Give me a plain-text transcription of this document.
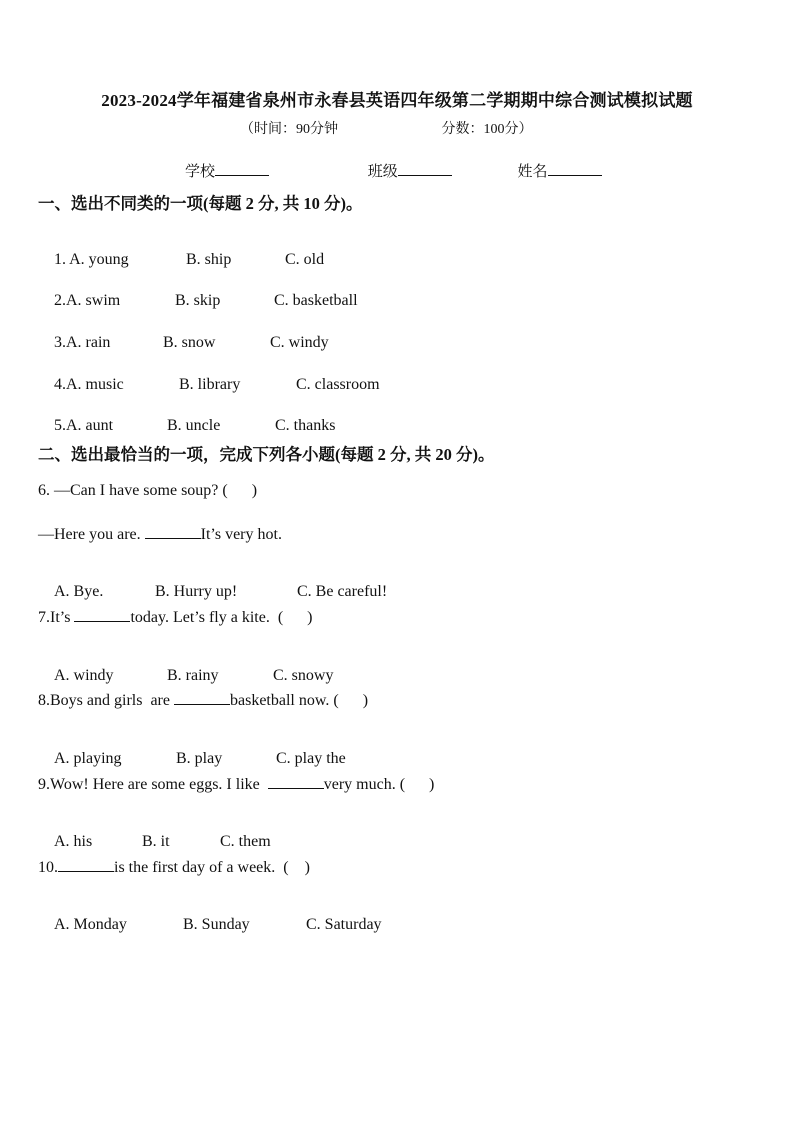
2023-2024学年福建省泉州市永春县英语四年级第二学期期中综合测试模拟试题
（时间：90分钟	分数：100分）
学校	班级	姓名
一、选出不同类的一项(每题 2 分, 共 10 分)。

1. A. young	B. ship	C. old

2.A. swim	B. skip	C. basketball

3.A. rain	B. snow	C. windy

4.A. music	B. library	C. classroom

5.A. aunt	B. uncle	C. thanks

二、选出最恰当的一项，完成下列各小题(每题 2 分, 共 20 分)。
6. —Can I have some soup? (      )
—Here you are.	It’s very hot.

A. Bye.	B. Hurry up!	C. Be careful!

7.It’s	today. Let’s fly a kite.  (      )

A. windy	B. rainy	C. snowy

8.Boys and girls  are	basketball now. (      )

A. playing	B. play	C. play the

9.Wow! Here are some eggs. I like	very much. (      )

A. his	B. it	C. them

10.	is the first day of a week.  (    )

A. Monday	B. Sunday	C. Saturday
